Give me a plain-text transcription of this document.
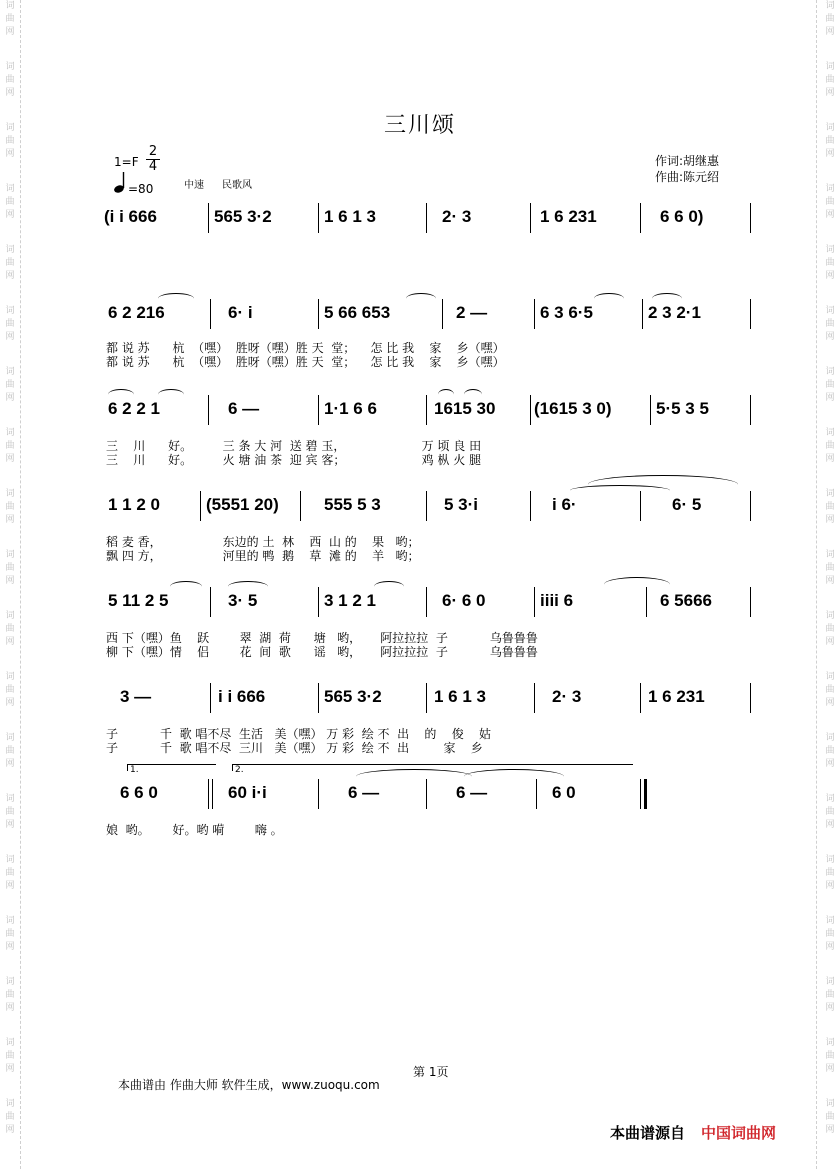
词
曲
网
词
曲
网
词
曲
网
词
曲
网
词
曲
网
词
曲
网
词
曲
网
词
曲
网
词
曲
网
词
曲
网
词
曲
网
词
曲
网
词
曲
网
词
曲
网
词
曲
网
词
曲
网
词
曲
网
词
曲
网
词
曲
网
词
曲
网
词
曲
网
词
曲
网
词
曲
网
词
曲
网
词
曲
网
词
曲
网
词
曲
网
词
曲
网
词
曲
网
词
曲
网
词
曲
网
词
曲
网
词
曲
网
词
曲
网
词
曲
网
词
曲
网
词
曲
网
词
曲
网
三川颂
1=F
2
4
=80	中速 民歌风
作词:胡继惠
作曲:陈元绍
(i i 666	565 3·2	1 6 1 3	2· 3	1 6 231	6 6 0)
6 2 216	6· i	5 66 653	2 —	6 3 6·5	2 3 2·1
都 说 苏      杭  （嘿）  胜呀（嘿）胜 天  堂；    怎 比 我    家    乡（嘿）
都 说 苏      杭  （嘿）  胜呀（嘿）胜 天  堂；    怎 比 我    家    乡（嘿）
6 2 2 1	6 —	1·1 6 6	1615 30 (1615 3 0)	5·5 3 5
三    川      好。        三 条 大 河  送 碧 玉，                    万 顷 良 田
三    川      好。        火 塘 油 茶  迎 宾 客；                    鸡 枞 火 腿
1 1 2 0	(5551 20)	555 5 3	5 3·i	i 6·	6· 5
稻 麦 香，                东边的 土  林    西  山 的    果   哟；
飘 四 方，                河里的 鸭  鹅    草  滩 的    羊   哟；
5 11 2 5	3· 5	3 1 2 1	6· 6 0	iiii 6	6 5666
西 下（嘿）鱼    跃        翠  湖  荷      塘   哟，     阿拉拉拉  子           乌鲁鲁鲁
柳 下（嘿）情    侣        花  间  歌      谣   哟，     阿拉拉拉  子           乌鲁鲁鲁
3 —	i i 666	565 3·2	1 6 1 3	2· 3	1 6 231
子           千  歌 唱不尽  生活   美（嘿） 万 彩  绘 不  出    的    俊    姑
子           千  歌 唱不尽  三川   美（嘿） 万 彩  绘 不  出         家    乡
1.	2.
6 6 0	60 i·i	6 —	6 —	6 0
娘  哟。      好。哟 嗬        嗨 。
第 1页
本曲谱由 作曲大师 软件生成，www.zuoqu.com
本曲谱源自 中国词曲网
